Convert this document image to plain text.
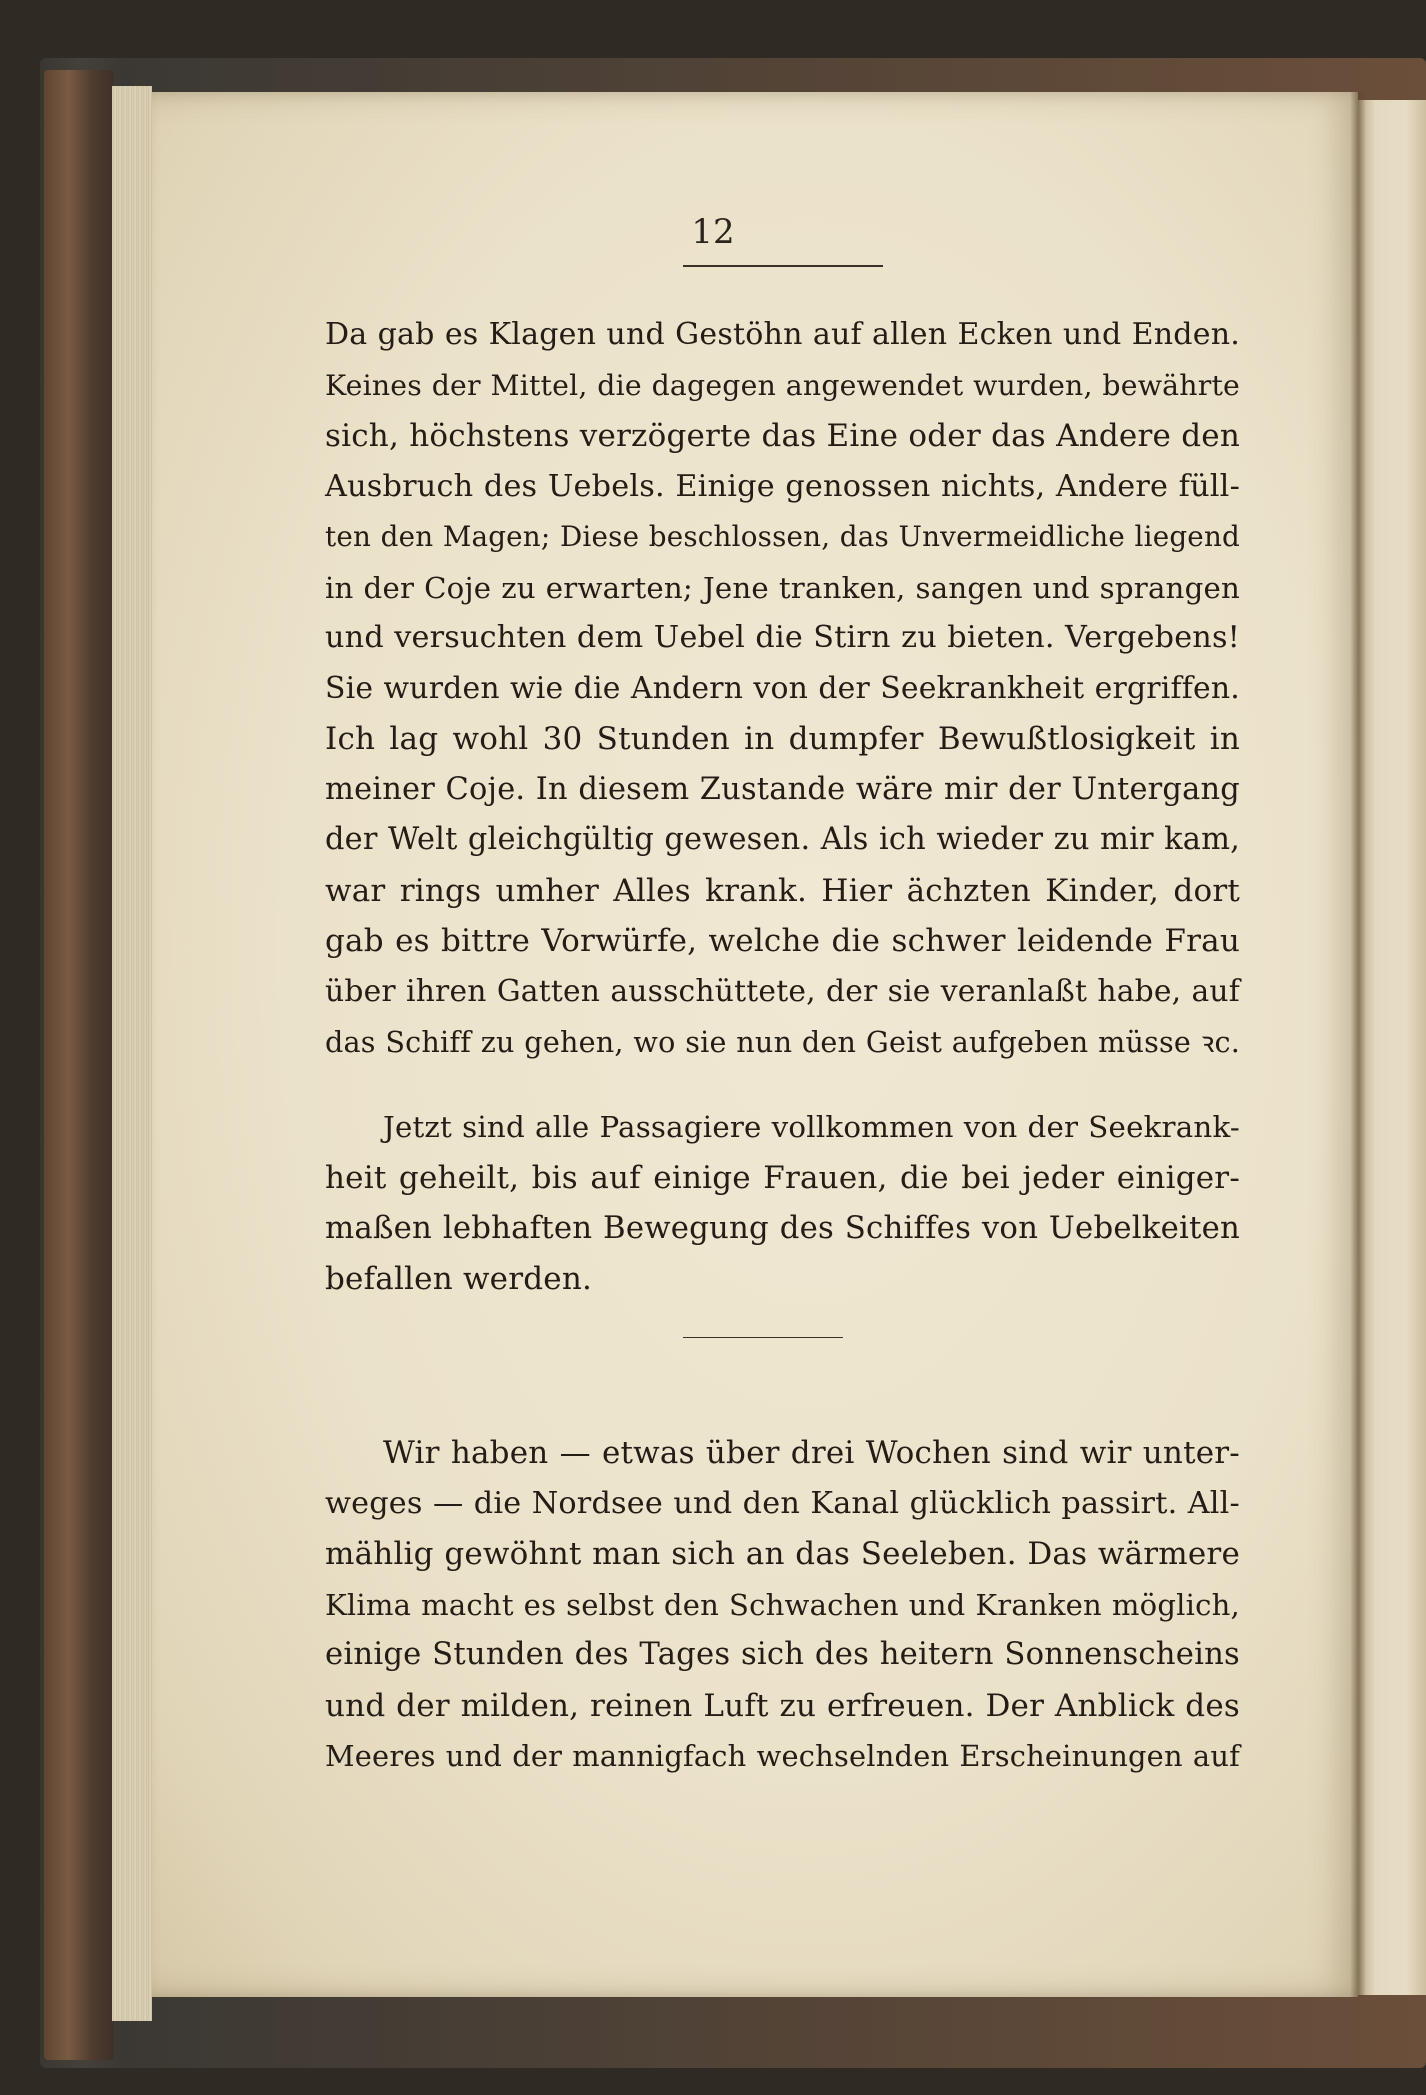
12
Da gab es Klagen und Gestöhn auf allen Ecken und Enden.
Keines der Mittel, die dagegen angewendet wurden, bewährte
sich, höchstens verzögerte das Eine oder das Andere den
Ausbruch des Uebels. Einige genossen nichts, Andere füll-
ten den Magen; Diese beschlossen, das Unvermeidliche liegend
in der Coje zu erwarten; Jene tranken, sangen und sprangen
und versuchten dem Uebel die Stirn zu bieten. Vergebens!
Sie wurden wie die Andern von der Seekrankheit ergriffen.
Ich lag wohl 30 Stunden in dumpfer Bewußtlosigkeit in
meiner Coje. In diesem Zustande wäre mir der Untergang
der Welt gleichgültig gewesen. Als ich wieder zu mir kam,
war rings umher Alles krank. Hier ächzten Kinder, dort
gab es bittre Vorwürfe, welche die schwer leidende Frau
über ihren Gatten ausschüttete, der sie veranlaßt habe, auf
das Schiff zu gehen, wo sie nun den Geist aufgeben müsse ꝛc.
Jetzt sind alle Passagiere vollkommen von der Seekrank-
heit geheilt, bis auf einige Frauen, die bei jeder einiger-
maßen lebhaften Bewegung des Schiffes von Uebelkeiten
befallen werden.
Wir haben — etwas über drei Wochen sind wir unter-
weges — die Nordsee und den Kanal glücklich passirt. All-
mählig gewöhnt man sich an das Seeleben. Das wärmere
Klima macht es selbst den Schwachen und Kranken möglich,
einige Stunden des Tages sich des heitern Sonnenscheins
und der milden, reinen Luft zu erfreuen. Der Anblick des
Meeres und der mannigfach wechselnden Erscheinungen auf
